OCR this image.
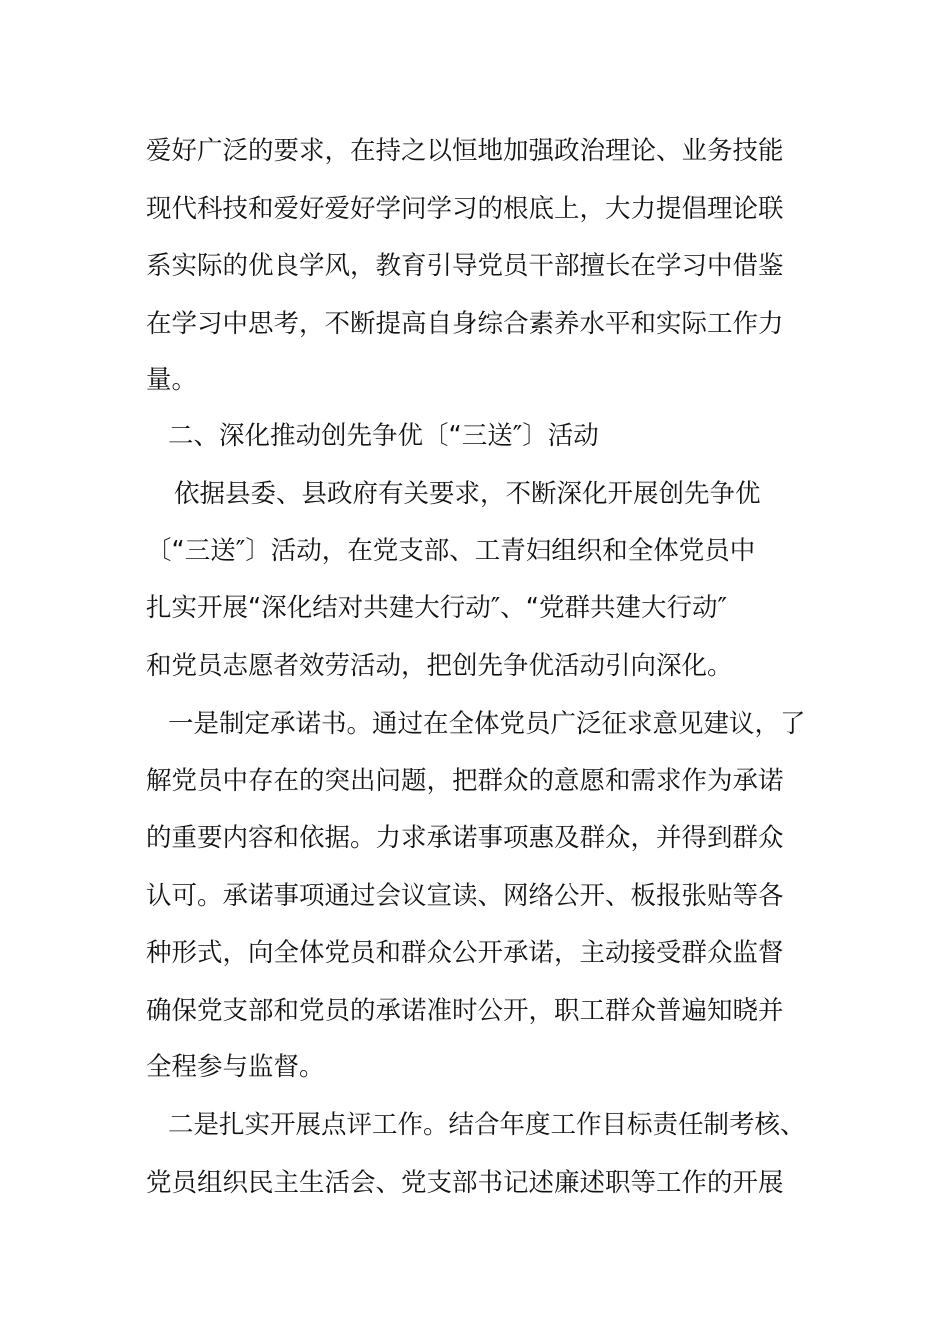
爱好广泛的要求，在持之以恒地加强政治理论、业务技能
现代科技和爱好爱好学问学习的根底上，大力提倡理论联
系实际的优良学风，教育引导党员干部擅长在学习中借鉴
在学习中思考，不断提高自身综合素养水平和实际工作力
量。
二、深化推动创先争优〔“三送″〕活动
依据县委、县政府有关要求，不断深化开展创先争优
〔“三送″〕活动，在党支部、工青妇组织和全体党员中
扎实开展“深化结对共建大行动″、“党群共建大行动″
和党员志愿者效劳活动，把创先争优活动引向深化。
一是制定承诺书。通过在全体党员广泛征求意见建议，了
解党员中存在的突出问题，把群众的意愿和需求作为承诺
的重要内容和依据。力求承诺事项惠及群众，并得到群众
认可。承诺事项通过会议宣读、网络公开、板报张贴等各
种形式，向全体党员和群众公开承诺，主动接受群众监督
确保党支部和党员的承诺准时公开，职工群众普遍知晓并
全程参与监督。
二是扎实开展点评工作。结合年度工作目标责任制考核、
党员组织民主生活会、党支部书记述廉述职等工作的开展
